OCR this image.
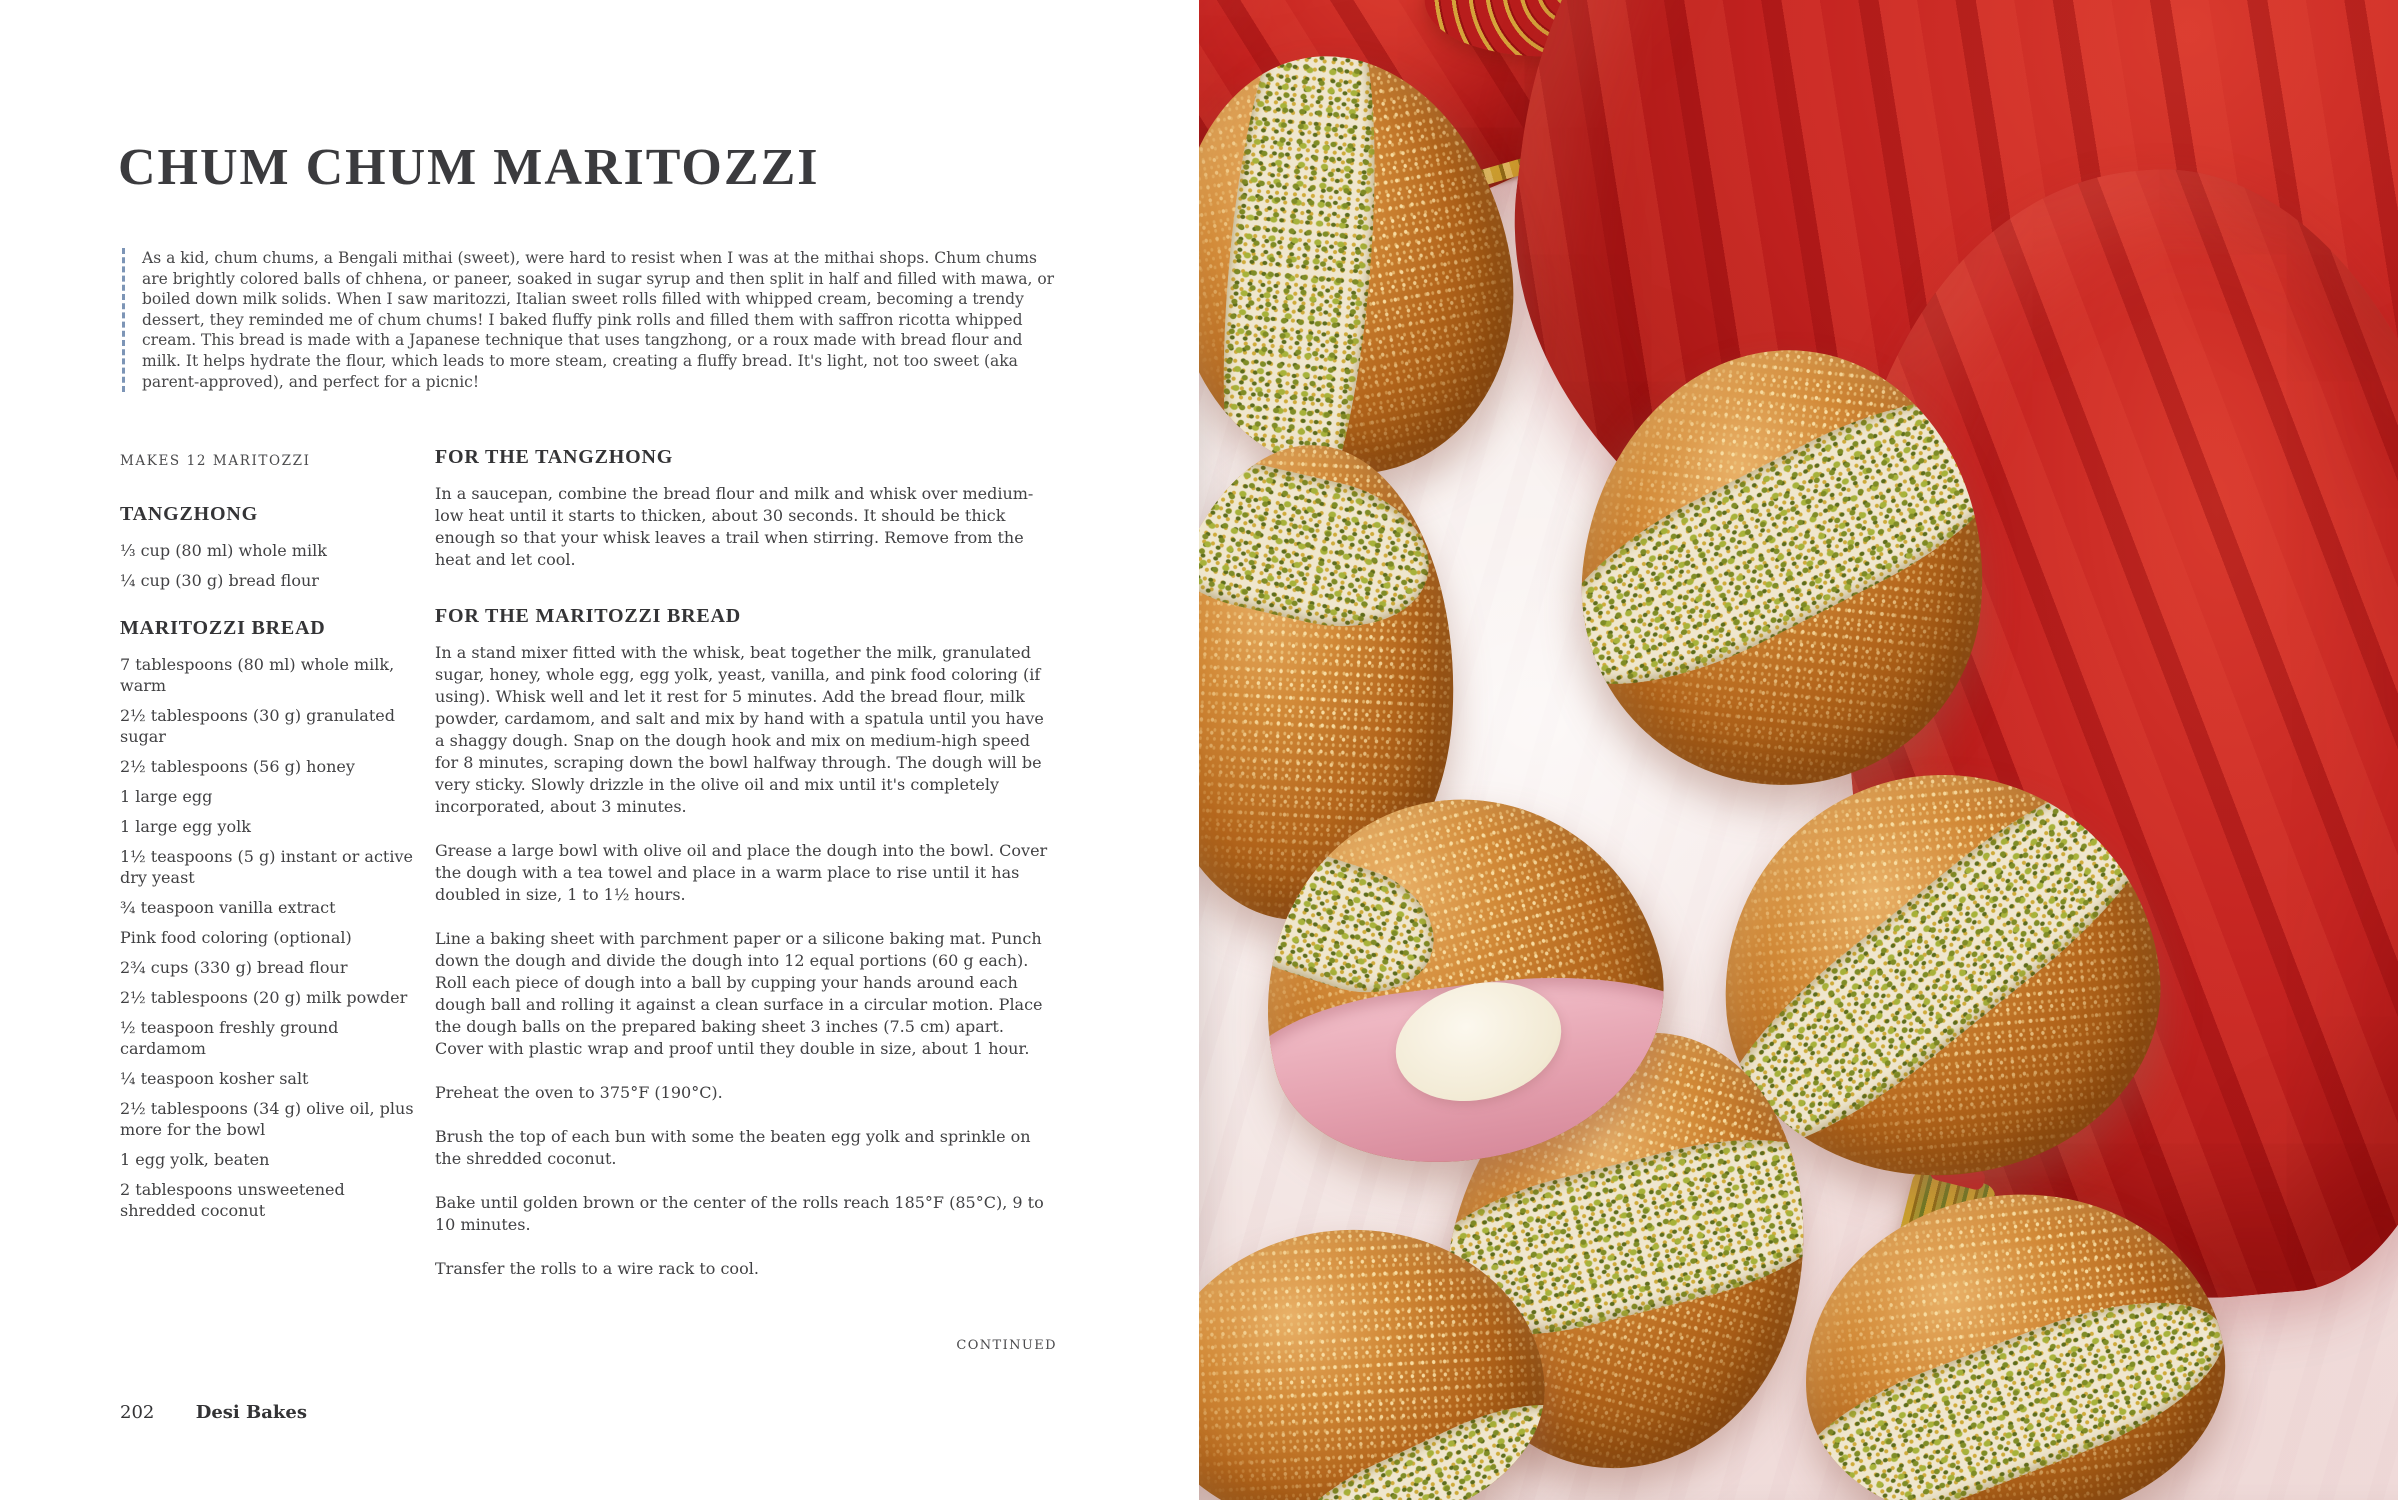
CHUM CHUM MARITOZZI

As a kid, chum chums, a Bengali mithai (sweet), were hard to resist when I was at the mithai shops. Chum chums are brightly colored balls of chhena, or paneer, soaked in sugar syrup and then split in half and filled with mawa, or boiled down milk solids. When I saw maritozzi, Italian sweet rolls filled with whipped cream, becoming a trendy dessert, they reminded me of chum chums! I baked fluffy pink rolls and filled them with saffron ricotta whipped cream. This bread is made with a Japanese technique that uses tangzhong, or a roux made with bread flour and milk. It helps hydrate the flour, which leads to more steam, creating a fluffy bread. It's light, not too sweet (aka parent-approved), and perfect for a picnic!

MAKES 12 MARITOZZI
TANGZHONG

⅓ cup (80 ml) whole milk

¼ cup (30 g) bread flour

MARITOZZI BREAD

7 tablespoons (80 ml) whole milk, warm

2½ tablespoons (30 g) granulated sugar

2½ tablespoons (56 g) honey

1 large egg

1 large egg yolk

1½ teaspoons (5 g) instant or active dry yeast

¾ teaspoon vanilla extract

Pink food coloring (optional)

2¾ cups (330 g) bread flour

2½ tablespoons (20 g) milk powder

½ teaspoon freshly ground cardamom

¼ teaspoon kosher salt

2½ tablespoons (34 g) olive oil, plus more for the bowl

1 egg yolk, beaten

2 tablespoons unsweetened shredded coconut

FOR THE TANGZHONG

In a saucepan, combine the bread flour and milk and whisk over medium-low heat until it starts to thicken, about 30 seconds. It should be thick enough so that your whisk leaves a trail when stirring. Remove from the heat and let cool.

FOR THE MARITOZZI BREAD

In a stand mixer fitted with the whisk, beat together the milk, granulated sugar, honey, whole egg, egg yolk, yeast, vanilla, and pink food coloring (if using). Whisk well and let it rest for 5 minutes. Add the bread flour, milk powder, cardamom, and salt and mix by hand with a spatula until you have a shaggy dough. Snap on the dough hook and mix on medium-high speed for 8 minutes, scraping down the bowl halfway through. The dough will be very sticky. Slowly drizzle in the olive oil and mix until it's completely incorporated, about 3 minutes.

Grease a large bowl with olive oil and place the dough into the bowl. Cover the dough with a tea towel and place in a warm place to rise until it has doubled in size, 1 to 1½ hours.

Line a baking sheet with parchment paper or a silicone baking mat. Punch down the dough and divide the dough into 12 equal portions (60 g each). Roll each piece of dough into a ball by cupping your hands around each dough ball and rolling it against a clean surface in a circular motion. Place the dough balls on the prepared baking sheet 3 inches (7.5 cm) apart. Cover with plastic wrap and proof until they double in size, about 1 hour.

Preheat the oven to 375°F (190°C).

Brush the top of each bun with some the beaten egg yolk and sprinkle on the shredded coconut.

Bake until golden brown or the center of the rolls reach 185°F (85°C), 9 to 10 minutes.

Transfer the rolls to a wire rack to cool.

CONTINUED
202 Desi Bakes
